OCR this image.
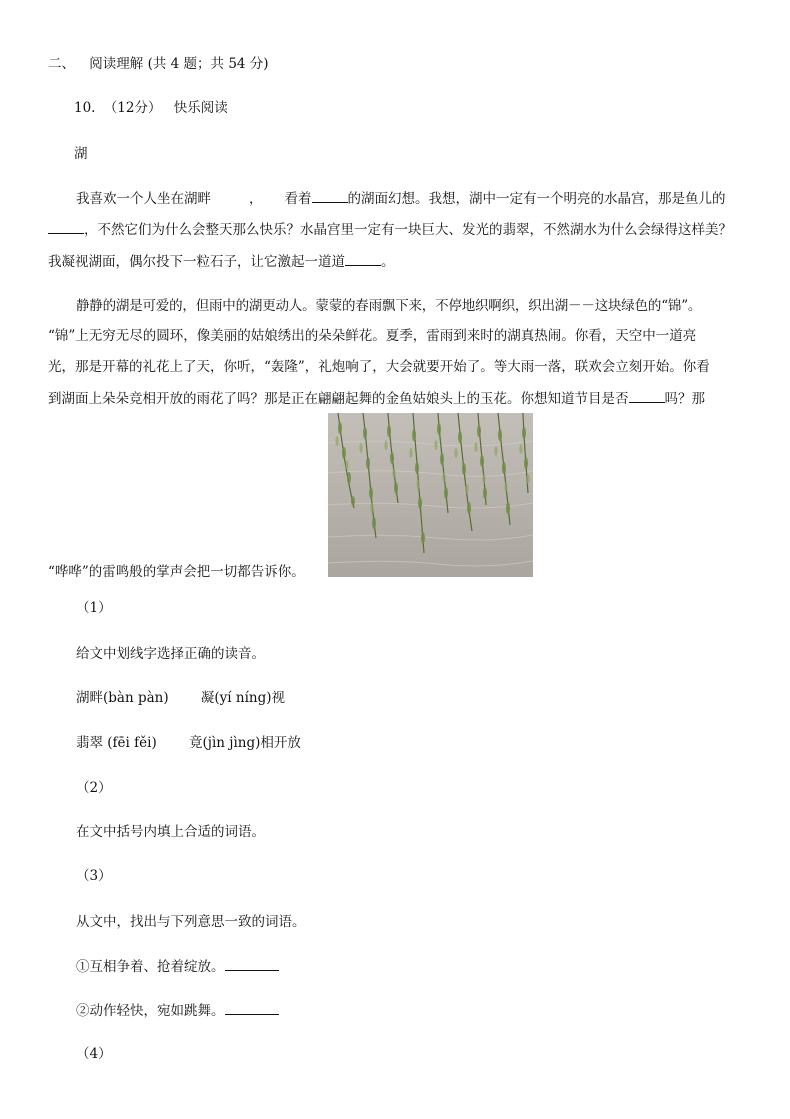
二、 阅读理解 (共 4 题；共 54 分)
10. （12分） 快乐阅读
湖
我喜欢一个人坐在湖畔	， 看着	的湖面幻想。我想，湖中一定有一个明亮的水晶宫，那是鱼儿的
，不然它们为什么会整天那么快乐？水晶宫里一定有一块巨大、发光的翡翠，不然湖水为什么会绿得这样美？
我凝视湖面，偶尔投下一粒石子，让它激起一道道	。
静静的湖是可爱的，但雨中的湖更动人。蒙蒙的春雨飘下来，不停地织啊织，织出湖－－这块绿色的“锦”。
“锦”上无穷无尽的圆环，像美丽的姑娘绣出的朵朵鲜花。夏季，雷雨到来时的湖真热闹。你看，天空中一道亮
光，那是开幕的礼花上了天，你听，“轰隆”，礼炮响了，大会就要开始了。等大雨一落，联欢会立刻开始。你看
到湖面上朵朵竞相开放的雨花了吗？那是正在翩翩起舞的金鱼姑娘头上的玉花。你想知道节目是否	吗？那
“哗哗”的雷鸣般的掌声会把一切都告诉你。
（1）
给文中划线字选择正确的读音。
湖畔(bàn pàn) 凝(yí níng)视
翡翠 (fēi fěi) 竟(jìn jìng)相开放
（2）
在文中括号内填上合适的词语。
（3）
从文中，找出与下列意思一致的词语。
①互相争着、抢着绽放。
②动作轻快，宛如跳舞。
（4）
